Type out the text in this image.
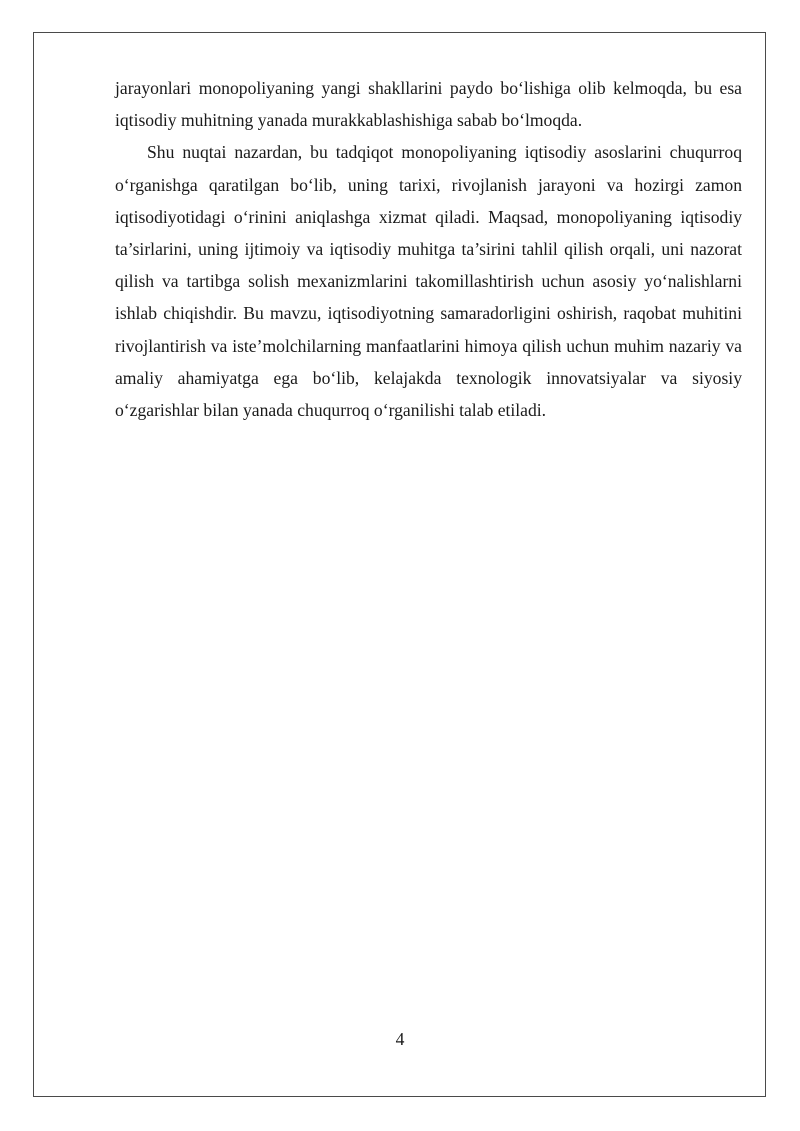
jarayonlari monopoliyaning yangi shakllarini paydo bo‘lishiga olib kelmoqda, bu esa iqtisodiy muhitning yanada murakkablashishiga sabab bo‘lmoqda.

Shu nuqtai nazardan, bu tadqiqot monopoliyaning iqtisodiy asoslarini chuqurroq o‘rganishga qaratilgan bo‘lib, uning tarixi, rivojlanish jarayoni va hozirgi zamon iqtisodiyotidagi o‘rinini aniqlashga xizmat qiladi. Maqsad, monopoliyaning iqtisodiy ta’sirlarini, uning ijtimoiy va iqtisodiy muhitga ta’sirini tahlil qilish orqali, uni nazorat qilish va tartibga solish mexanizmlarini takomillashtirish uchun asosiy yo‘nalishlarni ishlab chiqishdir. Bu mavzu, iqtisodiyotning samaradorligini oshirish, raqobat muhitini rivojlantirish va iste’molchilarning manfaatlarini himoya qilish uchun muhim nazariy va amaliy ahamiyatga ega bo‘lib, kelajakda texnologik innovatsiyalar va siyosiy o‘zgarishlar bilan yanada chuqurroq o‘rganilishi talab etiladi.

4
